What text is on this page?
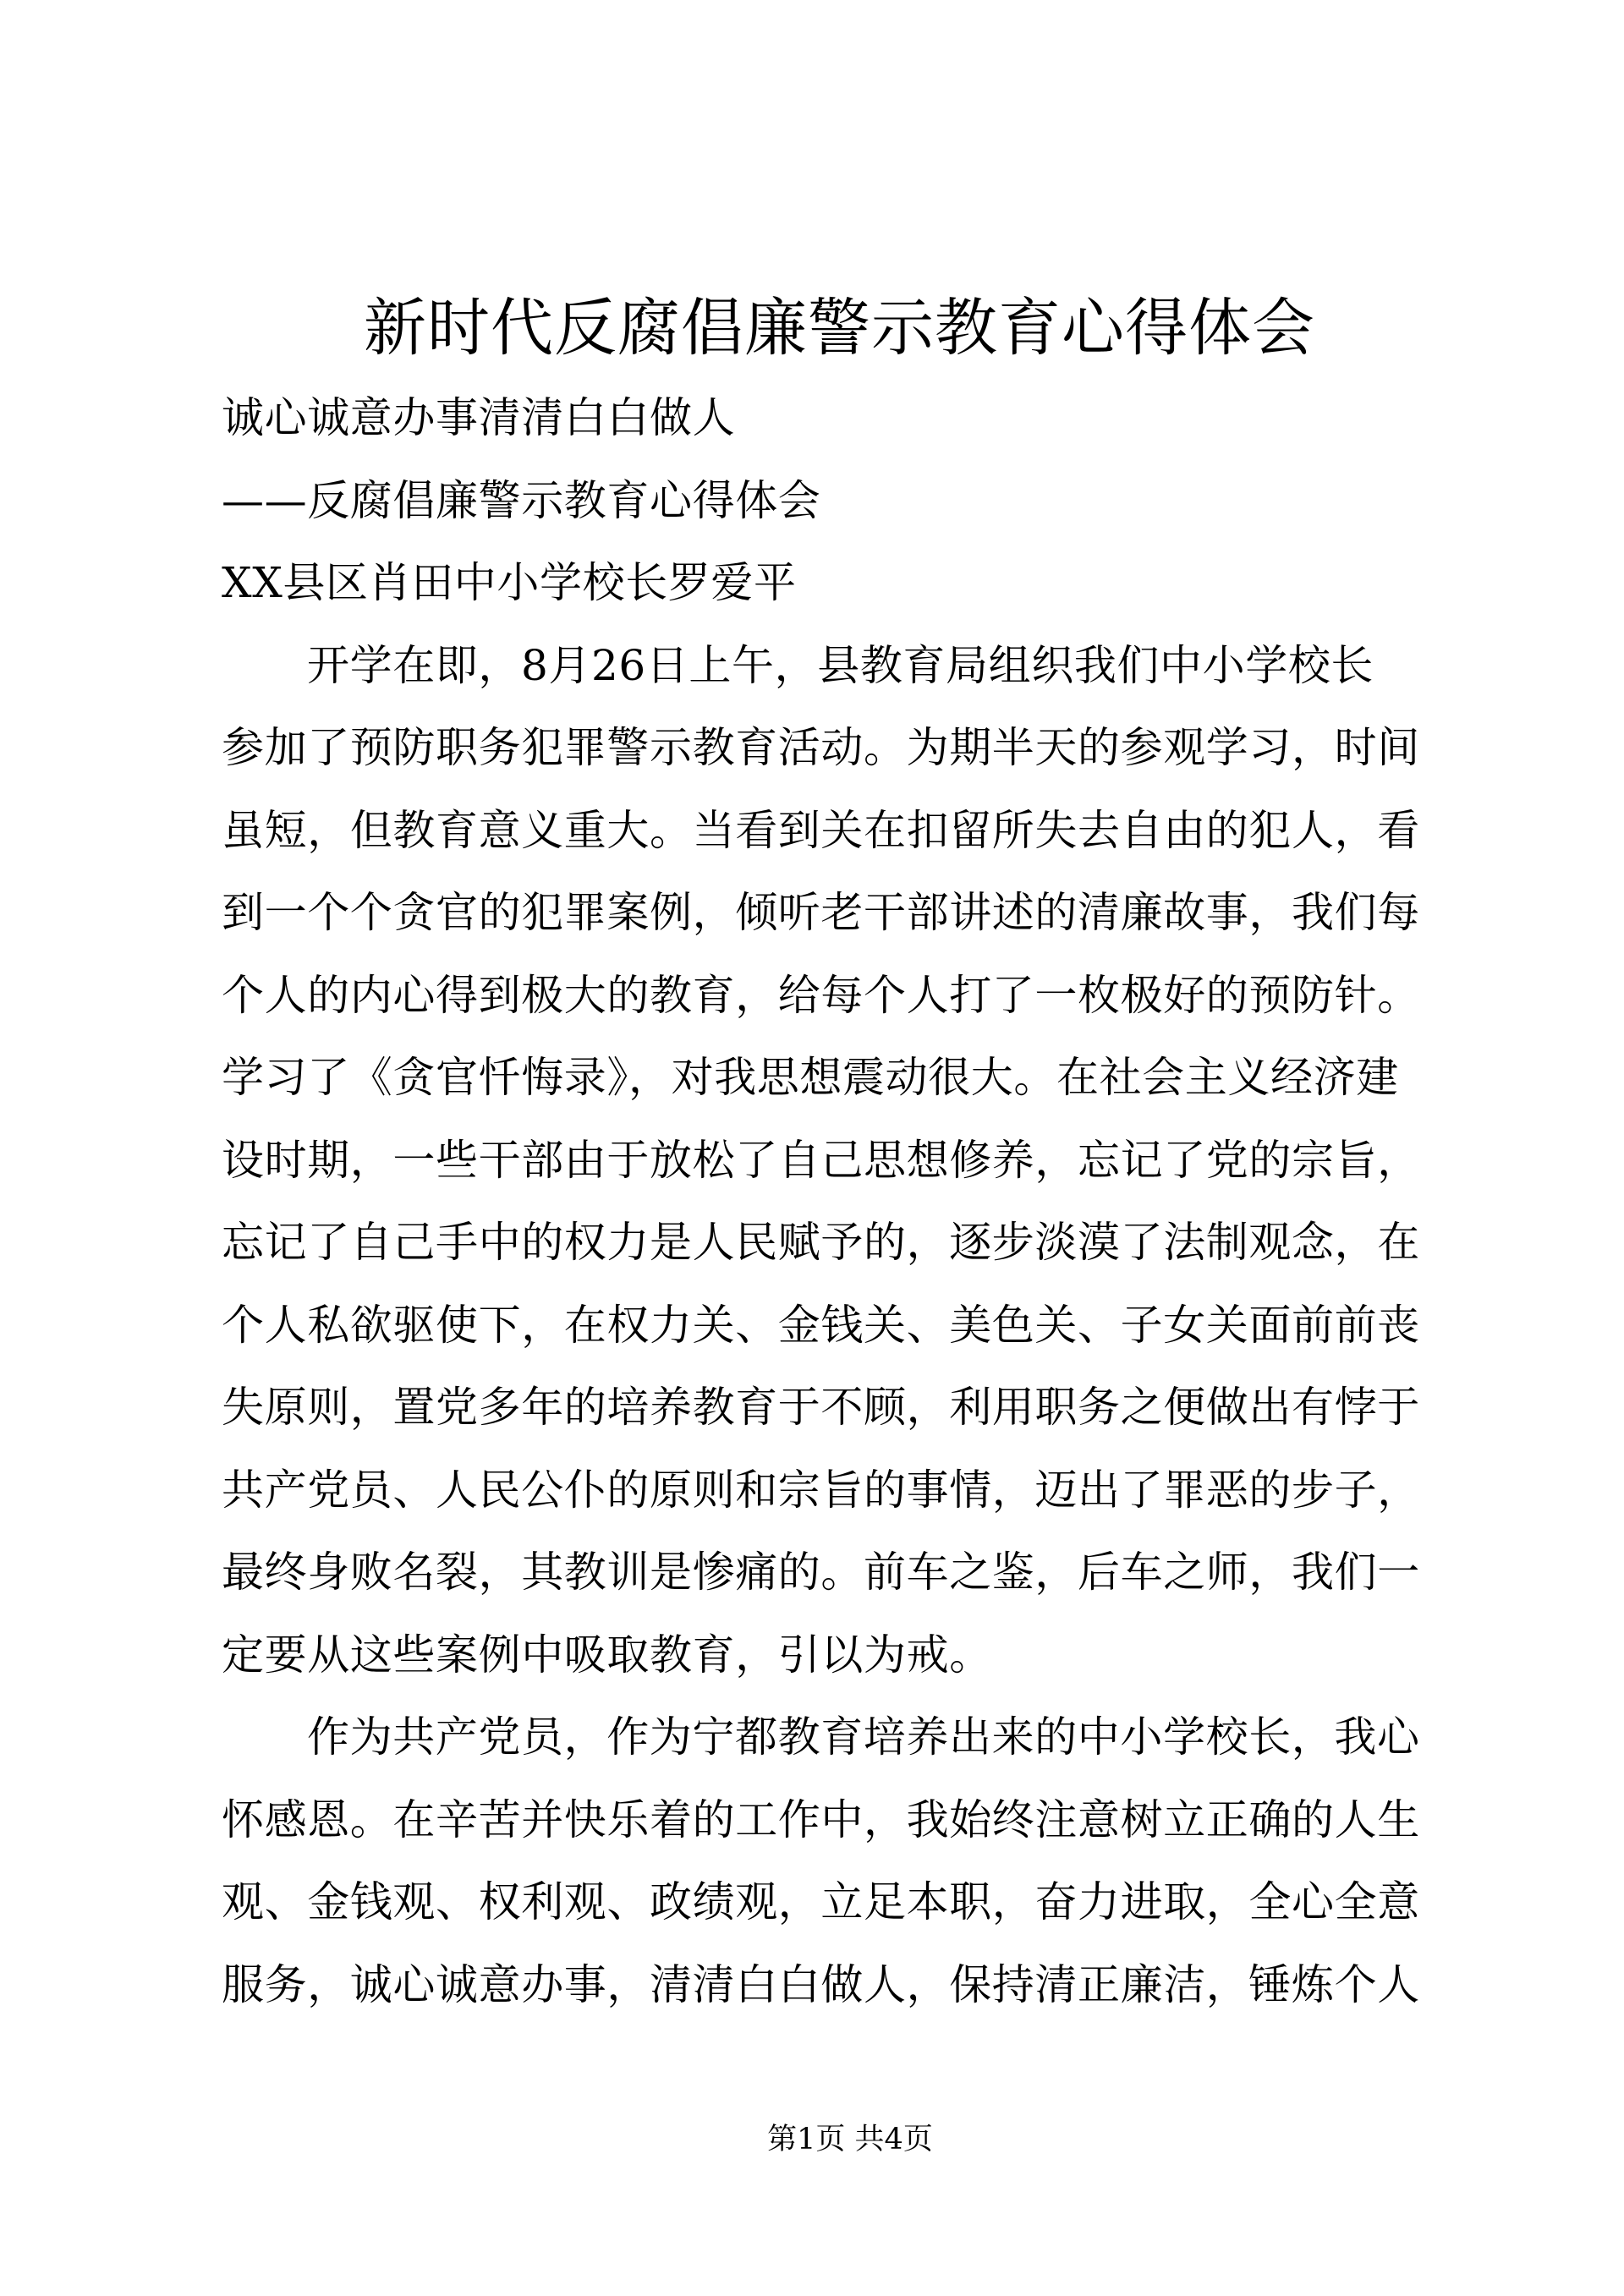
新时代反腐倡廉警示教育心得体会
诚心诚意办事清清白白做人
——反腐倡廉警示教育心得体会
XX县区肖田中小学校长罗爱平
开学在即，8月26日上午，县教育局组织我们中小学校长
参加了预防职务犯罪警示教育活动。为期半天的参观学习，时间
虽短，但教育意义重大。当看到关在扣留所失去自由的犯人，看
到一个个贪官的犯罪案例，倾听老干部讲述的清廉故事，我们每
个人的内心得到极大的教育，给每个人打了一枚极好的预防针。
学习了《贪官忏悔录》，对我思想震动很大。在社会主义经济建
设时期，一些干部由于放松了自己思想修养，忘记了党的宗旨，
忘记了自己手中的权力是人民赋予的，逐步淡漠了法制观念，在
个人私欲驱使下，在权力关、金钱关、美色关、子女关面前前丧
失原则，置党多年的培养教育于不顾，利用职务之便做出有悖于
共产党员、人民公仆的原则和宗旨的事情，迈出了罪恶的步子，
最终身败名裂，其教训是惨痛的。前车之鉴，后车之师，我们一
定要从这些案例中吸取教育，引以为戒。
作为共产党员，作为宁都教育培养出来的中小学校长，我心
怀感恩。在辛苦并快乐着的工作中，我始终注意树立正确的人生
观、金钱观、权利观、政绩观，立足本职，奋力进取，全心全意
服务，诚心诚意办事，清清白白做人，保持清正廉洁，锤炼个人
第1页 共4页
